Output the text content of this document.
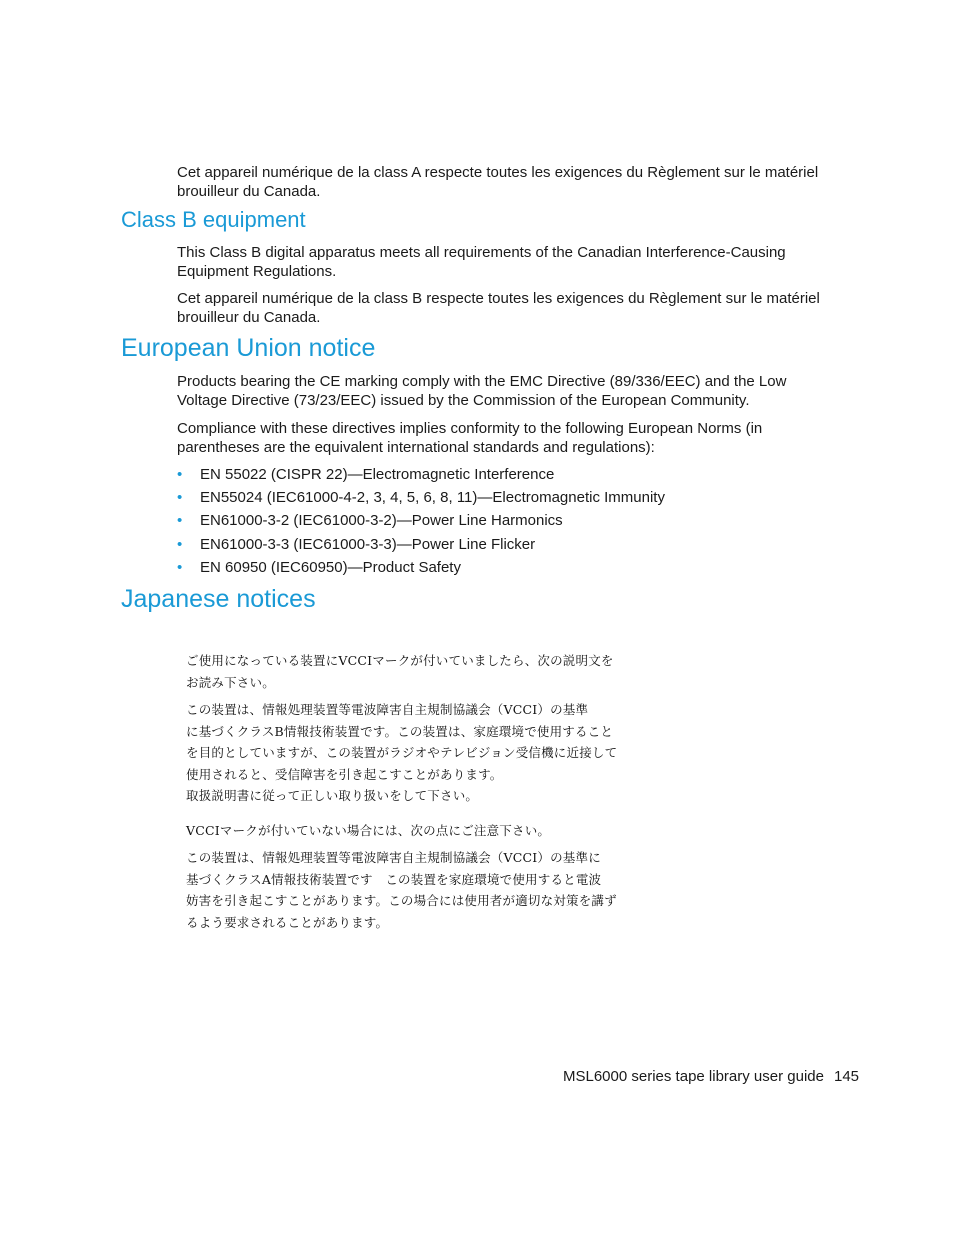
Cet appareil numérique de la class A respecte toutes les exigences du Règlement sur le matériel brouilleur du Canada.

Class B equipment

This Class B digital apparatus meets all requirements of the Canadian Interference-Causing Equipment Regulations.

Cet appareil numérique de la class B respecte toutes les exigences du Règlement sur le matériel brouilleur du Canada.

European Union notice

Products bearing the CE marking comply with the EMC Directive (89/336/EEC) and the Low Voltage Directive (73/23/EEC) issued by the Commission of the European Community.

Compliance with these directives implies conformity to the following European Norms (in parentheses are the equivalent international standards and regulations):

•	EN 55022 (CISPR 22)—Electromagnetic Interference
•	EN55024 (IEC61000-4-2, 3, 4, 5, 6, 8, 11)—Electromagnetic Immunity
•	EN61000-3-2 (IEC61000-3-2)—Power Line Harmonics
•	EN61000-3-3 (IEC61000-3-3)—Power Line Flicker
•	EN 60950 (IEC60950)—Product Safety
Japanese notices
ご使用になっている装置にVCCIマークが付いていましたら、次の説明文を
お読み下さい。
この装置は、情報処理装置等電波障害自主規制協議会（VCCI）の基準
に基づくクラスB情報技術装置です。この装置は、家庭環境で使用すること
を目的としていますが、この装置がラジオやテレビジョン受信機に近接して
使用されると、受信障害を引き起こすことがあります。
取扱説明書に従って正しい取り扱いをして下さい。
VCCIマークが付いていない場合には、次の点にご注意下さい。
この装置は、情報処理装置等電波障害自主規制協議会（VCCI）の基準に
基づくクラスA情報技術装置です　この装置を家庭環境で使用すると電波
妨害を引き起こすことがあります。この場合には使用者が適切な対策を講ず
るよう要求されることがあります。
MSL6000 series tape library user guide 145
